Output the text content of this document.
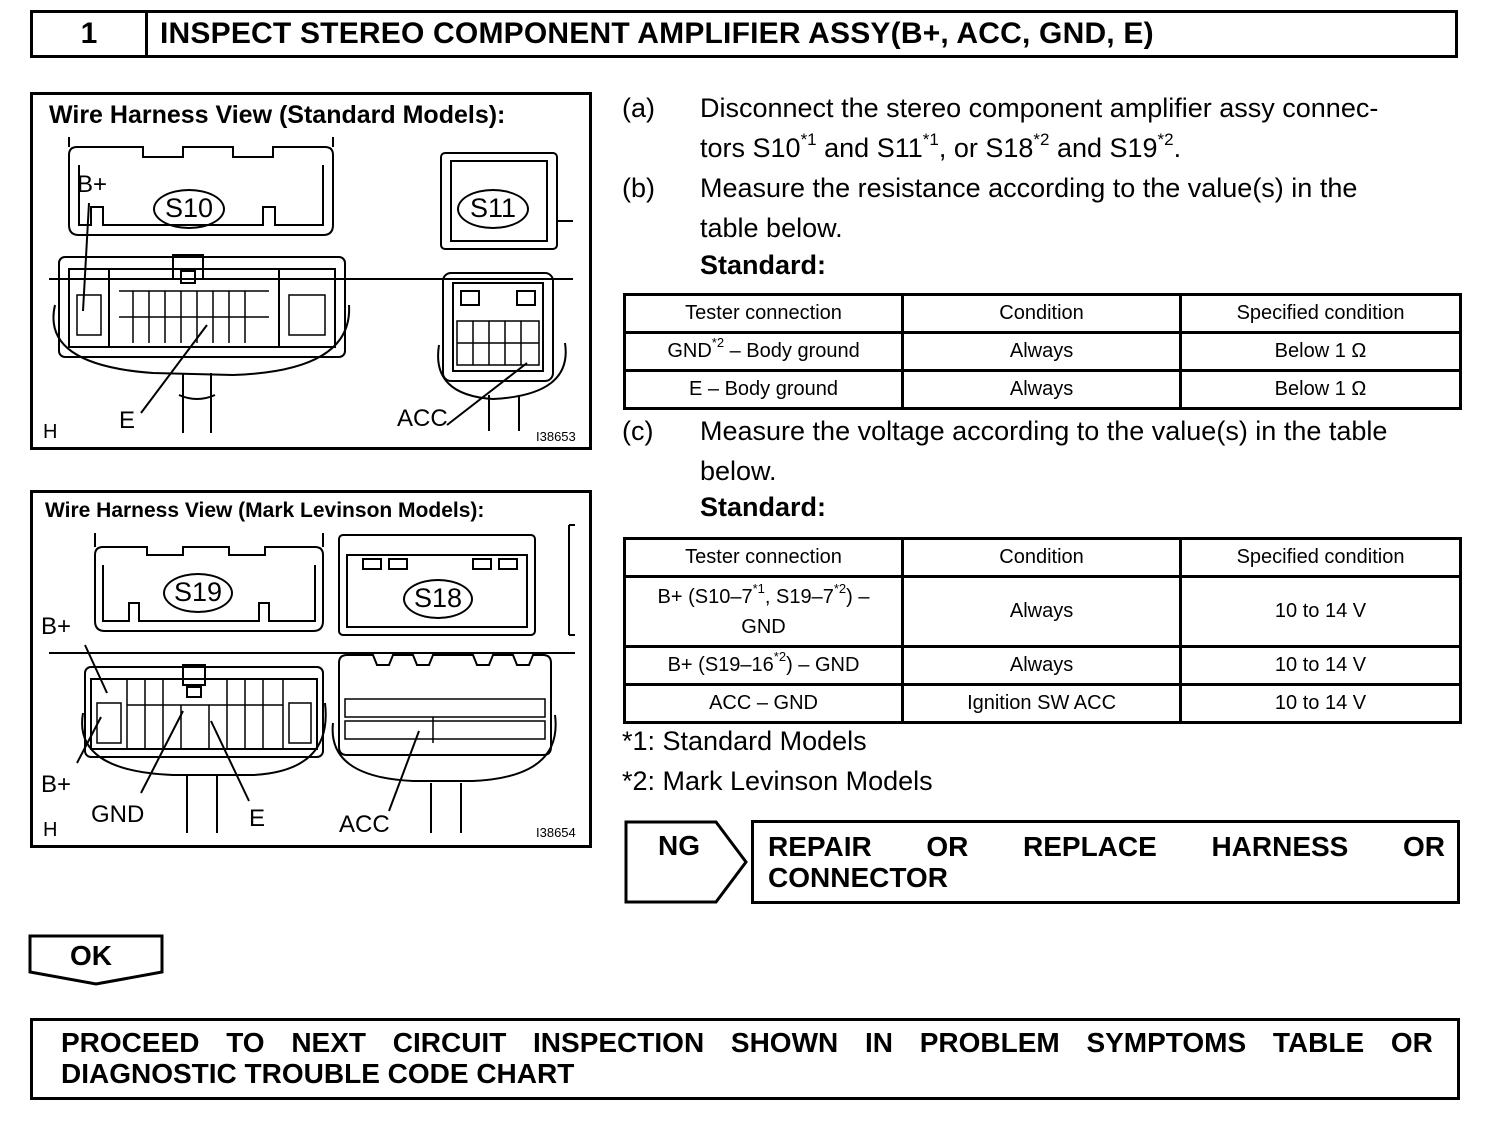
1	INSPECT STEREO COMPONENT AMPLIFIER ASSY(B+, ACC, GND, E)
Wire Harness View (Standard Models):
S10	S11
B+
E	ACC
H	I38653
Wire Harness View (Mark Levinson Models):
S19	S18
B+
B+
GND	E	ACC
H	I38654
(a) Disconnect the stereo component amplifier assy connec-
tors S10$^{*1}$ and S11$^{*1}$, or S18$^{*2}$ and S19$^{*2}$.
(b) Measure the resistance according to the value(s) in the
table below.
Standard:
Tester connection	Condition	Specified condition
GND$^{*2}$ – Body ground	Always	Below 1 Ω
E – Body ground	Always	Below 1 Ω
(c) Measure the voltage according to the value(s) in the table
below.
Standard:
Tester connection	Condition	Specified condition

$B+ (S10-7^{*1}$, S19–7$^{*2}$) –
GND	Always	10 to 14 V
$B+ (S19-16^{*2})$ – GND	Always	10 to 14 V
ACC – GND	Ignition SW ACC	10 to 14 V
*1: Standard Models
*2: Mark Levinson Models
NG REPAIR OR REPLACE HARNESS OR
CONNECTOR
OK
PROCEED TO NEXT CIRCUIT INSPECTION SHOWN IN PROBLEM SYMPTOMS TABLE OR
DIAGNOSTIC TROUBLE CODE CHART
